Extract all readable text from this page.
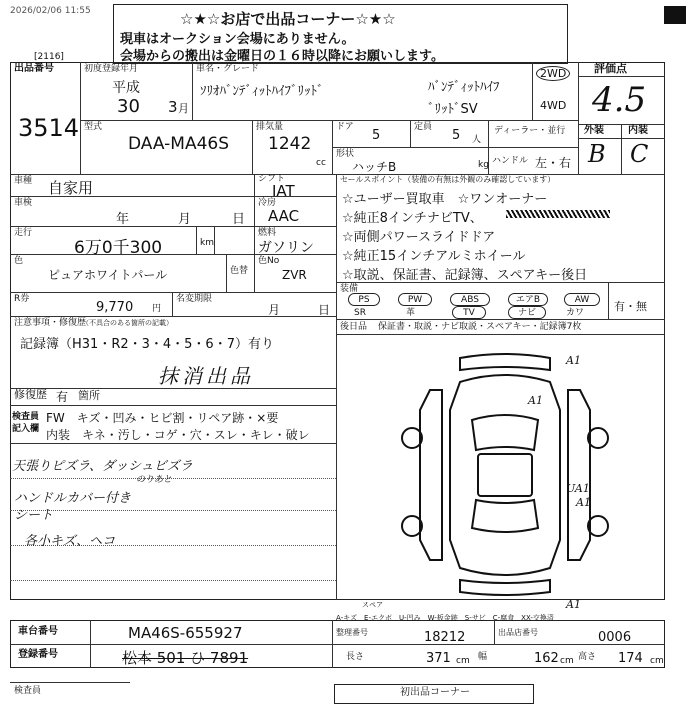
2026/02/06 11:55	☆★☆お店で出品コーナー☆★☆
現車はオークション会場にありません。
会場からの搬出は金曜日の１６時以降にお願いします。
[2116]
出品番号
3514
初度登録年月
平成
30 3 月
車名・グレード
ｿﾘｵﾊﾞﾝﾃﾞｨｯﾄﾊｲﾌﾞﾘｯﾄﾞ	ﾊﾞﾝﾃﾞｨｯﾄﾊｲﾌ
ﾞﾘｯﾄﾞSV
2WD
4WD
評価点
4.5
外装 内装
B C
型式
DAA-MA46S
排気量
1242
cc
ドア
5
定員
5 人
ディーラー・並行
形状
ハッチB	kg ハンドル 左・右
車種 自家用	シフト
IAT
車検
年	月	日
冷房
AAC
走行
6万0千300	km
燃料
ガソリン
色
ピュアホワイトパール	色替
色No
ZVR
R券
9,770 円
名変期限
月	日
セールスポイント（装備の有無は外観のみ確認しています）
☆ユーザー買取車　☆ワンオーナー
☆純正8インチナビTV、
☆両側パワースライドドア
☆純正15インチアルミホイール
☆取説、保証書、記録簿、スペアキー後日
装備
PS	PW	ABS	エアB	AW
SR	革	TV	ナビ	カワ	有・無
後日品 保証書・取説・ナビ取説・スペアキー・記録簿7枚
注意事項・修復歴
（不具合のある箇所の記載）
記録簿（H31・R2・3・4・5・6・7）有り
抹消出品
修復歴 有 箇所
検査員
記入欄
FW　キズ・凹み・ヒビ割・リペア跡・×要
内装　キネ・汚し・コゲ・穴・スレ・キレ・破レ
天張りピズラ、ダッシュビズラ
のりあと
ハンドルカバー付き
シート
各小キズ、ヘコ
A1
A1
UA1
A1
A1
スペア
車台番号	MA46S-655927
登録番号	松本 501 ひ 7891
A-キズ　E-エクボ　U-凹み　W-板金跡　S-サビ　C-腐食　XX-交換済
整理番号	18212	出品店番号	0006
長さ	371 cm 幅	162 cm 高さ 174 cm
検査員	初出品コーナー
